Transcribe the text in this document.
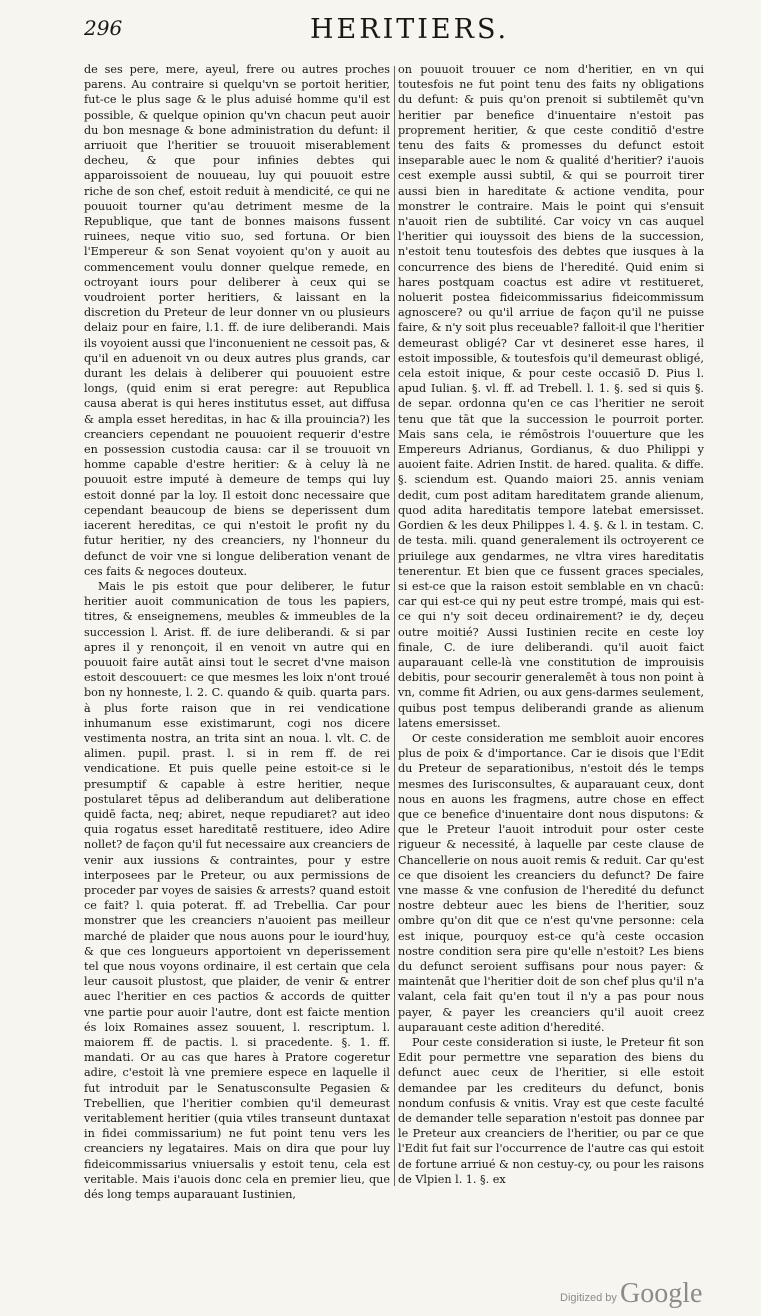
296	HERITIERS.

de ses pere, mere, ayeul, frere ou autres proches parens. Au contraire si quelqu'vn se portoit heritier, fut-ce le plus sage & le plus aduisé homme qu'il est possible, & quelque opinion qu'vn chacun peut auoir du bon mesnage & bone administration du defunt: il arriuoit que l'heritier se trouuoit miserablement decheu, & que pour infinies debtes qui apparoissoient de nouueau, luy qui pouuoit estre riche de son chef, estoit reduit à mendicité, ce qui ne pouuoit tourner qu'au detriment mesme de la Republique, que tant de bonnes maisons fussent ruinees, neque vitio suo, sed fortuna. Or bien l'Empereur & son Senat voyoient qu'on y auoit au commencement voulu donner quelque remede, en octroyant iours pour deliberer à ceux qui se voudroient porter heritiers, & laissant en la discretion du Preteur de leur donner vn ou plusieurs delaiz pour en faire, l.1. ff. de iure deliberandi. Mais ils voyoient aussi que l'inconuenient ne cessoit pas, & qu'il en aduenoit vn ou deux autres plus grands, car durant les delais à deliberer qui pouuoient estre longs, (quid enim si erat peregre: aut Republica causa aberat is qui heres institutus esset, aut diffusa & ampla esset hereditas, in hac & illa prouincia?) les creanciers cependant ne pouuoient requerir d'estre en possession custodia causa: car il se trouuoit vn homme capable d'estre heritier: & à celuy là ne pouuoit estre imputé à demeure de temps qui luy estoit donné par la loy. Il estoit donc necessaire que cependant beaucoup de biens se deperissent dum iacerent hereditas, ce qui n'estoit le profit ny du futur heritier, ny des creanciers, ny l'honneur du defunct de voir vne si longue deliberation venant de ces faits & negoces douteux.

Mais le pis estoit que pour deliberer, le futur heritier auoit communication de tous les papiers, titres, & enseignemens, meubles & immeubles de la succession l. Arist. ff. de iure deliberandi. & si par apres il y renonçoit, il en venoit vn autre qui en pouuoit faire autāt ainsi tout le secret d'vne maison estoit descouuert: ce que mesmes les loix n'ont troué bon ny honneste, l. 2. C. quando & quib. quarta pars. à plus forte raison que in rei vendicatione inhumanum esse existimarunt, cogi nos dicere vestimenta nostra, an trita sint an noua. l. vlt. C. de alimen. pupil. prast. l. si in rem ff. de rei vendicatione. Et puis quelle peine estoit-ce si le presumptif & capable à estre heritier, neque postularet tēpus ad deliberandum aut deliberatione quidē facta, neq; abiret, neque repudiaret? aut ideo quia rogatus esset hareditatē restituere, ideo Adire nollet? de façon qu'il fut necessaire aux creanciers de venir aux iussions & contraintes, pour y estre interposees par le Preteur, ou aux permissions de proceder par voyes de saisies & arrests? quand estoit ce fait? l. quia poterat. ff. ad Trebellia. Car pour monstrer que les creanciers n'auoient pas meilleur marché de plaider que nous auons pour le iourd'huy, & que ces longueurs apportoient vn deperissement tel que nous voyons ordinaire, il est certain que cela leur causoit plustost, que plaider, de venir & entrer auec l'heritier en ces pactios & accords de quitter vne partie pour auoir l'autre, dont est faicte mention és loix Romaines assez souuent, l. rescriptum. l. maiorem ff. de pactis. l. si pracedente. §. 1. ff. mandati. Or au cas que hares à Pratore cogeretur adire, c'estoit là vne premiere espece en laquelle il fut introduit par le Senatusconsulte Pegasien & Trebellien, que l'heritier combien qu'il demeurast veritablement heritier (quia vtiles transeunt duntaxat in fidei commissarium) ne fut point tenu vers les creanciers ny legataires. Mais on dira que pour luy fideicommissarius vniuersalis y estoit tenu, cela est veritable. Mais i'auois donc cela en premier lieu, que dés long temps auparauant Iustinien,

on pouuoit trouuer ce nom d'heritier, en vn qui toutesfois ne fut point tenu des faits ny obligations du defunt: & puis qu'on prenoit si subtilemēt qu'vn heritier par benefice d'inuentaire n'estoit pas proprement heritier, & que ceste conditiō d'estre tenu des faits & promesses du defunct estoit inseparable auec le nom & qualité d'heritier? i'auois cest exemple aussi subtil, & qui se pourroit tirer aussi bien in hareditate & actione vendita, pour monstrer le contraire. Mais le point qui s'ensuit n'auoit rien de subtilité. Car voicy vn cas auquel l'heritier qui iouyssoit des biens de la succession, n'estoit tenu toutesfois des debtes que iusques à la concurrence des biens de l'heredité. Quid enim si hares postquam coactus est adire vt restitueret, noluerit postea fideicommissarius fideicommissum agnoscere? ou qu'il arriue de façon qu'il ne puisse faire, & n'y soit plus receuable? falloit-il que l'heritier demeurast obligé? Car vt desineret esse hares, il estoit impossible, & toutesfois qu'il demeurast obligé, cela estoit inique, & pour ceste occasiō D. Pius l. apud Iulian. §. vl. ff. ad Trebell. l. 1. §. sed si quis §. de separ. ordonna qu'en ce cas l'heritier ne seroit tenu que tāt que la succession le pourroit porter. Mais sans cela, ie rémōstrois l'ouuerture que les Empereurs Adrianus, Gordianus, & duo Philippi y auoient faite. Adrien Instit. de hared. qualita. & diffe. §. sciendum est. Quando maiori 25. annis veniam dedit, cum post aditam hareditatem grande alienum, quod adita hareditatis tempore latebat emersisset. Gordien & les deux Philippes l. 4. §. & l. in testam. C. de testa. mili. quand generalement ils octroyerent ce priuilege aux gendarmes, ne vltra vires hareditatis tenerentur. Et bien que ce fussent graces speciales, si est-ce que la raison estoit semblable en vn chacū: car qui est-ce qui ny peut estre trompé, mais qui est-ce qui n'y soit deceu ordinairement? ie dy, deçeu outre moitié? Aussi Iustinien recite en ceste loy finale, C. de iure deliberandi. qu'il auoit faict auparauant celle-là vne constitution de improuisis debitis, pour secourir generalemēt à tous non point à vn, comme fit Adrien, ou aux gens-darmes seulement, quibus post tempus deliberandi grande as alienum latens emersisset.

Or ceste consideration me sembloit auoir encores plus de poix & d'importance. Car ie disois que l'Edit du Preteur de separationibus, n'estoit dés le temps mesmes des Iurisconsultes, & auparauant ceux, dont nous en auons les fragmens, autre chose en effect que ce benefice d'inuentaire dont nous disputons: & que le Preteur l'auoit introduit pour oster ceste rigueur & necessité, à laquelle par ceste clause de Chancellerie on nous auoit remis & reduit. Car qu'est ce que disoient les creanciers du defunct? De faire vne masse & vne confusion de l'heredité du defunct nostre debteur auec les biens de l'heritier, souz ombre qu'on dit que ce n'est qu'vne personne: cela est inique, pourquoy est-ce qu'à ceste occasion nostre condition sera pire qu'elle n'estoit? Les biens du defunct seroient suffisans pour nous payer: & maintenāt que l'heritier doit de son chef plus qu'il n'a valant, cela fait qu'en tout il n'y a pas pour nous payer, & payer les creanciers qu'il auoit creez auparauant ceste adition d'heredité.

Pour ceste consideration si iuste, le Preteur fit son Edit pour permettre vne separation des biens du defunct auec ceux de l'heritier, si elle estoit demandee par les crediteurs du defunct, bonis nondum confusis & vnitis. Vray est que ceste faculté de demander telle separation n'estoit pas donnee par le Preteur aux creanciers de l'heritier, ou par ce que l'Edit fut fait sur l'occurrence de l'autre cas qui estoit de fortune arriué & non cestuy-cy, ou pour les raisons de Vlpien l. 1. §. ex

Digitized by Google
